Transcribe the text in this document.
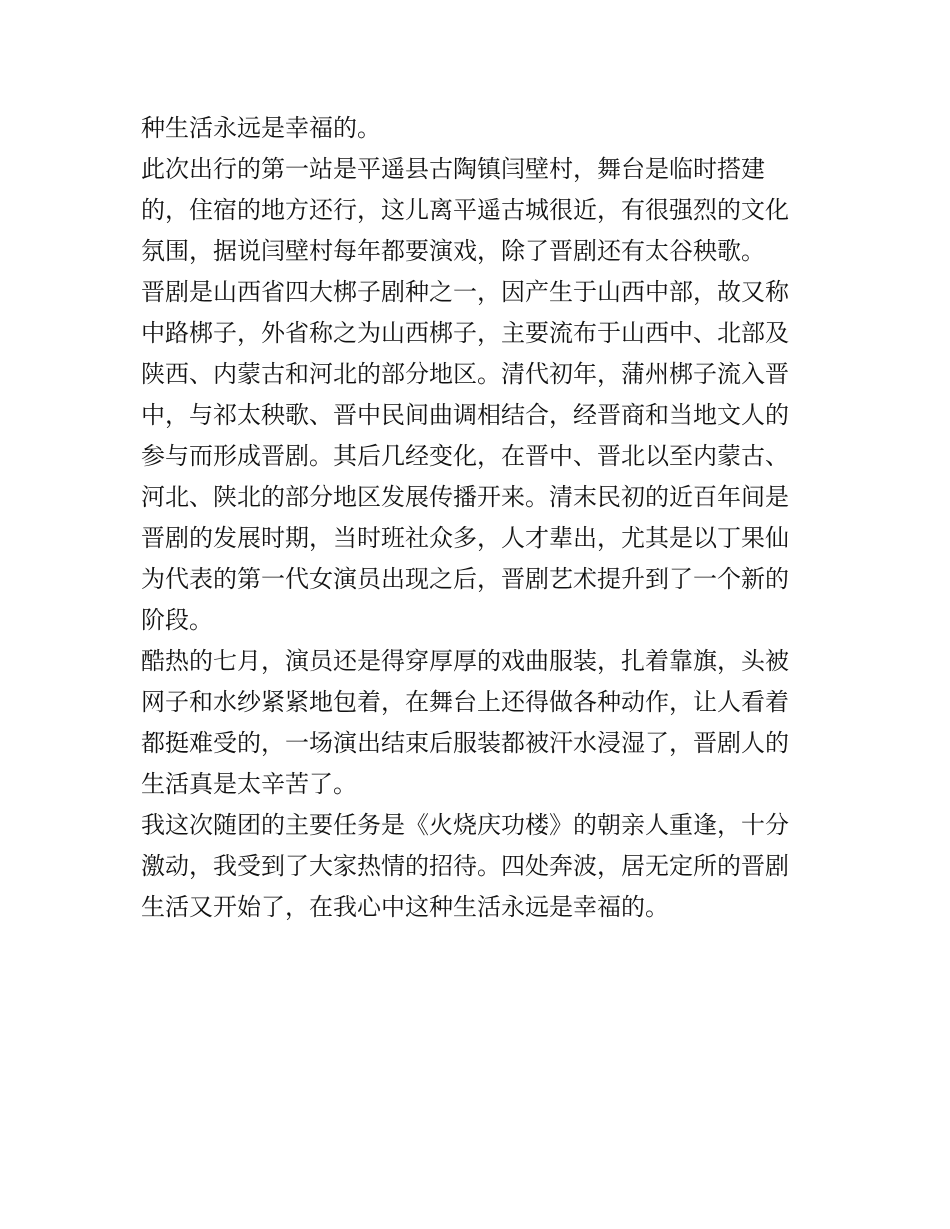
种生活永远是幸福的。

此次出行的第一站是平遥县古陶镇闫壁村，舞台是临时搭建
的，住宿的地方还行，这儿离平遥古城很近，有很强烈的文化
氛围，据说闫壁村每年都要演戏，除了晋剧还有太谷秧歌。

晋剧是山西省四大梆子剧种之一，因产生于山西中部，故又称
中路梆子，外省称之为山西梆子，主要流布于山西中、北部及
陕西、内蒙古和河北的部分地区。清代初年，蒲州梆子流入晋
中，与祁太秧歌、晋中民间曲调相结合，经晋商和当地文人的
参与而形成晋剧。其后几经变化，在晋中、晋北以至内蒙古、
河北、陕北的部分地区发展传播开来。清末民初的近百年间是
晋剧的发展时期，当时班社众多，人才辈出，尤其是以丁果仙
为代表的第一代女演员出现之后，晋剧艺术提升到了一个新的
阶段。

酷热的七月，演员还是得穿厚厚的戏曲服装，扎着靠旗，头被
网子和水纱紧紧地包着，在舞台上还得做各种动作，让人看着
都挺难受的，一场演出结束后服装都被汗水浸湿了，晋剧人的
生活真是太辛苦了。

我这次随团的主要任务是《火烧庆功楼》的朝亲人重逢，十分
激动，我受到了大家热情的招待。四处奔波，居无定所的晋剧
生活又开始了，在我心中这种生活永远是幸福的。
